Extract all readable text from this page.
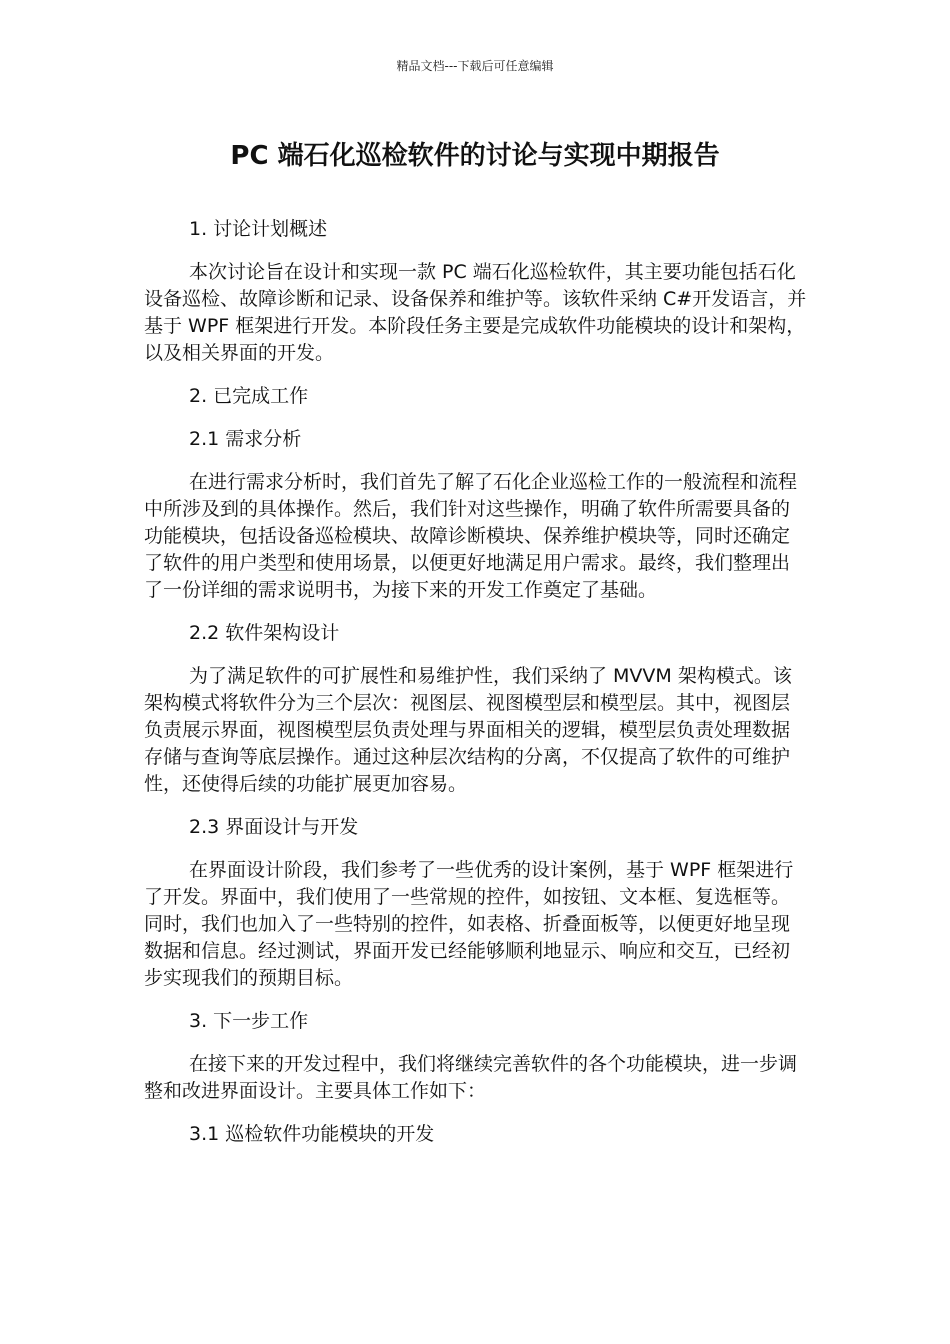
精品文档---下载后可任意编辑
PC 端石化巡检软件的讨论与实现中期报告
1. 讨论计划概述

本次讨论旨在设计和实现一款 PC 端石化巡检软件，其主要功能包括石化设备巡检、故障诊断和记录、设备保养和维护等。该软件采纳 C#开发语言，并基于 WPF 框架进行开发。本阶段任务主要是完成软件功能模块的设计和架构，以及相关界面的开发。

2. 已完成工作
2.1 需求分析

在进行需求分析时，我们首先了解了石化企业巡检工作的一般流程和流程中所涉及到的具体操作。然后，我们针对这些操作，明确了软件所需要具备的功能模块，包括设备巡检模块、故障诊断模块、保养维护模块等，同时还确定了软件的用户类型和使用场景，以便更好地满足用户需求。最终，我们整理出了一份详细的需求说明书，为接下来的开发工作奠定了基础。

2.2 软件架构设计

为了满足软件的可扩展性和易维护性，我们采纳了 MVVM 架构模式。该架构模式将软件分为三个层次：视图层、视图模型层和模型层。其中，视图层负责展示界面，视图模型层负责处理与界面相关的逻辑，模型层负责处理数据存储与查询等底层操作。通过这种层次结构的分离，不仅提高了软件的可维护性，还使得后续的功能扩展更加容易。

2.3 界面设计与开发

在界面设计阶段，我们参考了一些优秀的设计案例，基于 WPF 框架进行了开发。界面中，我们使用了一些常规的控件，如按钮、文本框、复选框等。同时，我们也加入了一些特别的控件，如表格、折叠面板等，以便更好地呈现数据和信息。经过测试，界面开发已经能够顺利地显示、响应和交互，已经初步实现我们的预期目标。

3. 下一步工作

在接下来的开发过程中，我们将继续完善软件的各个功能模块，进一步调整和改进界面设计。主要具体工作如下：

3.1 巡检软件功能模块的开发
